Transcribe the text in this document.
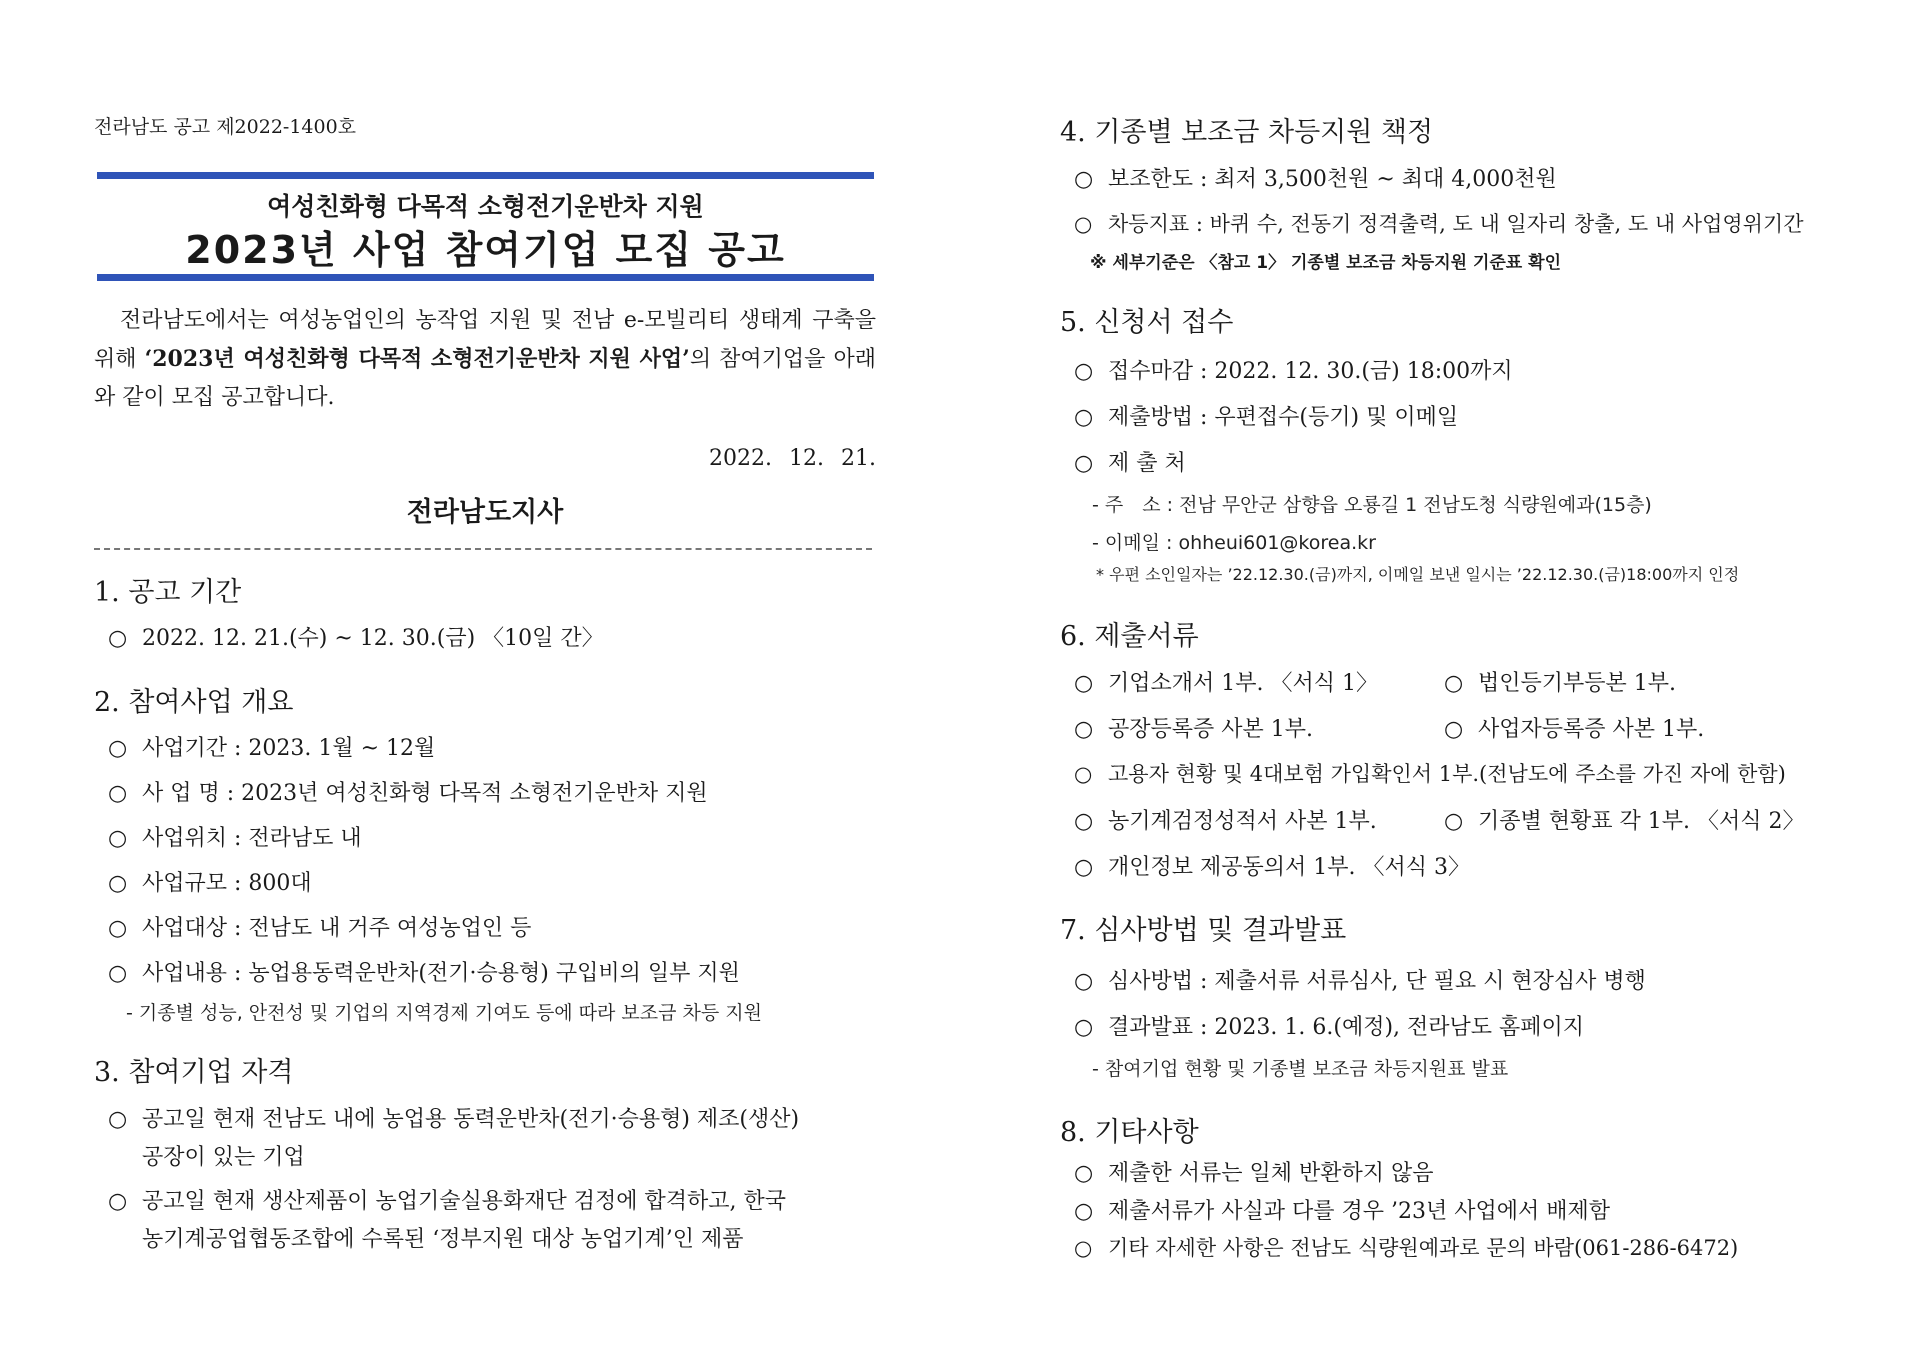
전라남도 공고 제2022-1400호
여성친화형 다목적 소형전기운반차 지원
2023년 사업 참여기업 모집 공고
전라남도에서는 여성농업인의 농작업 지원 및 전남 e-모빌리티 생태계 구축을 위해 ‘2023년 여성친화형 다목적 소형전기운반차 지원 사업’의 참여기업을 아래와 같이 모집 공고합니다.
2022. 12. 21.
전라남도지사
1. 공고 기간
○ 2022. 12. 21.(수) ~ 12. 30.(금) 〈10일 간〉
2. 참여사업 개요
○ 사업기간 : 2023. 1월 ~ 12월
○ 사 업 명 : 2023년 여성친화형 다목적 소형전기운반차 지원
○ 사업위치 : 전라남도 내
○ 사업규모 : 800대
○ 사업대상 : 전남도 내 거주 여성농업인 등
○ 사업내용 : 농업용동력운반차(전기·승용형) 구입비의 일부 지원
- 기종별 성능, 안전성 및 기업의 지역경제 기여도 등에 따라 보조금 차등 지원
3. 참여기업 자격
○ 공고일 현재 전남도 내에 농업용 동력운반차(전기·승용형) 제조(생산)
공장이 있는 기업
○ 공고일 현재 생산제품이 농업기술실용화재단 검정에 합격하고, 한국
농기계공업협동조합에 수록된 ‘정부지원 대상 농업기계’인 제품
4. 기종별 보조금 차등지원 책정
○ 보조한도 : 최저 3,500천원 ~ 최대 4,000천원
○ 차등지표 : 바퀴 수, 전동기 정격출력, 도 내 일자리 창출, 도 내 사업영위기간
※ 세부기준은 〈참고 1〉 기종별 보조금 차등지원 기준표 확인
5. 신청서 접수
○ 접수마감 : 2022. 12. 30.(금) 18:00까지
○ 제출방법 : 우편접수(등기) 및 이메일
○ 제 출 처
- 주　소 : 전남 무안군 삼향읍 오룡길 1 전남도청 식량원예과(15층)
- 이메일 : ohheui601@korea.kr
* 우편 소인일자는 ’22.12.30.(금)까지, 이메일 보낸 일시는 ’22.12.30.(금)18:00까지 인정
6. 제출서류
○ 기업소개서 1부. 〈서식 1〉	○ 법인등기부등본 1부.
○ 공장등록증 사본 1부.	○ 사업자등록증 사본 1부.
○ 고용자 현황 및 4대보험 가입확인서 1부.(전남도에 주소를 가진 자에 한함)
○ 농기계검정성적서 사본 1부.	○ 기종별 현황표 각 1부. 〈서식 2〉
○ 개인정보 제공동의서 1부. 〈서식 3〉
7. 심사방법 및 결과발표
○ 심사방법 : 제출서류 서류심사, 단 필요 시 현장심사 병행
○ 결과발표 : 2023. 1. 6.(예정), 전라남도 홈페이지
- 참여기업 현황 및 기종별 보조금 차등지원표 발표
8. 기타사항
○ 제출한 서류는 일체 반환하지 않음
○ 제출서류가 사실과 다를 경우 ’23년 사업에서 배제함
○ 기타 자세한 사항은 전남도 식량원예과로 문의 바람(061-286-6472)
